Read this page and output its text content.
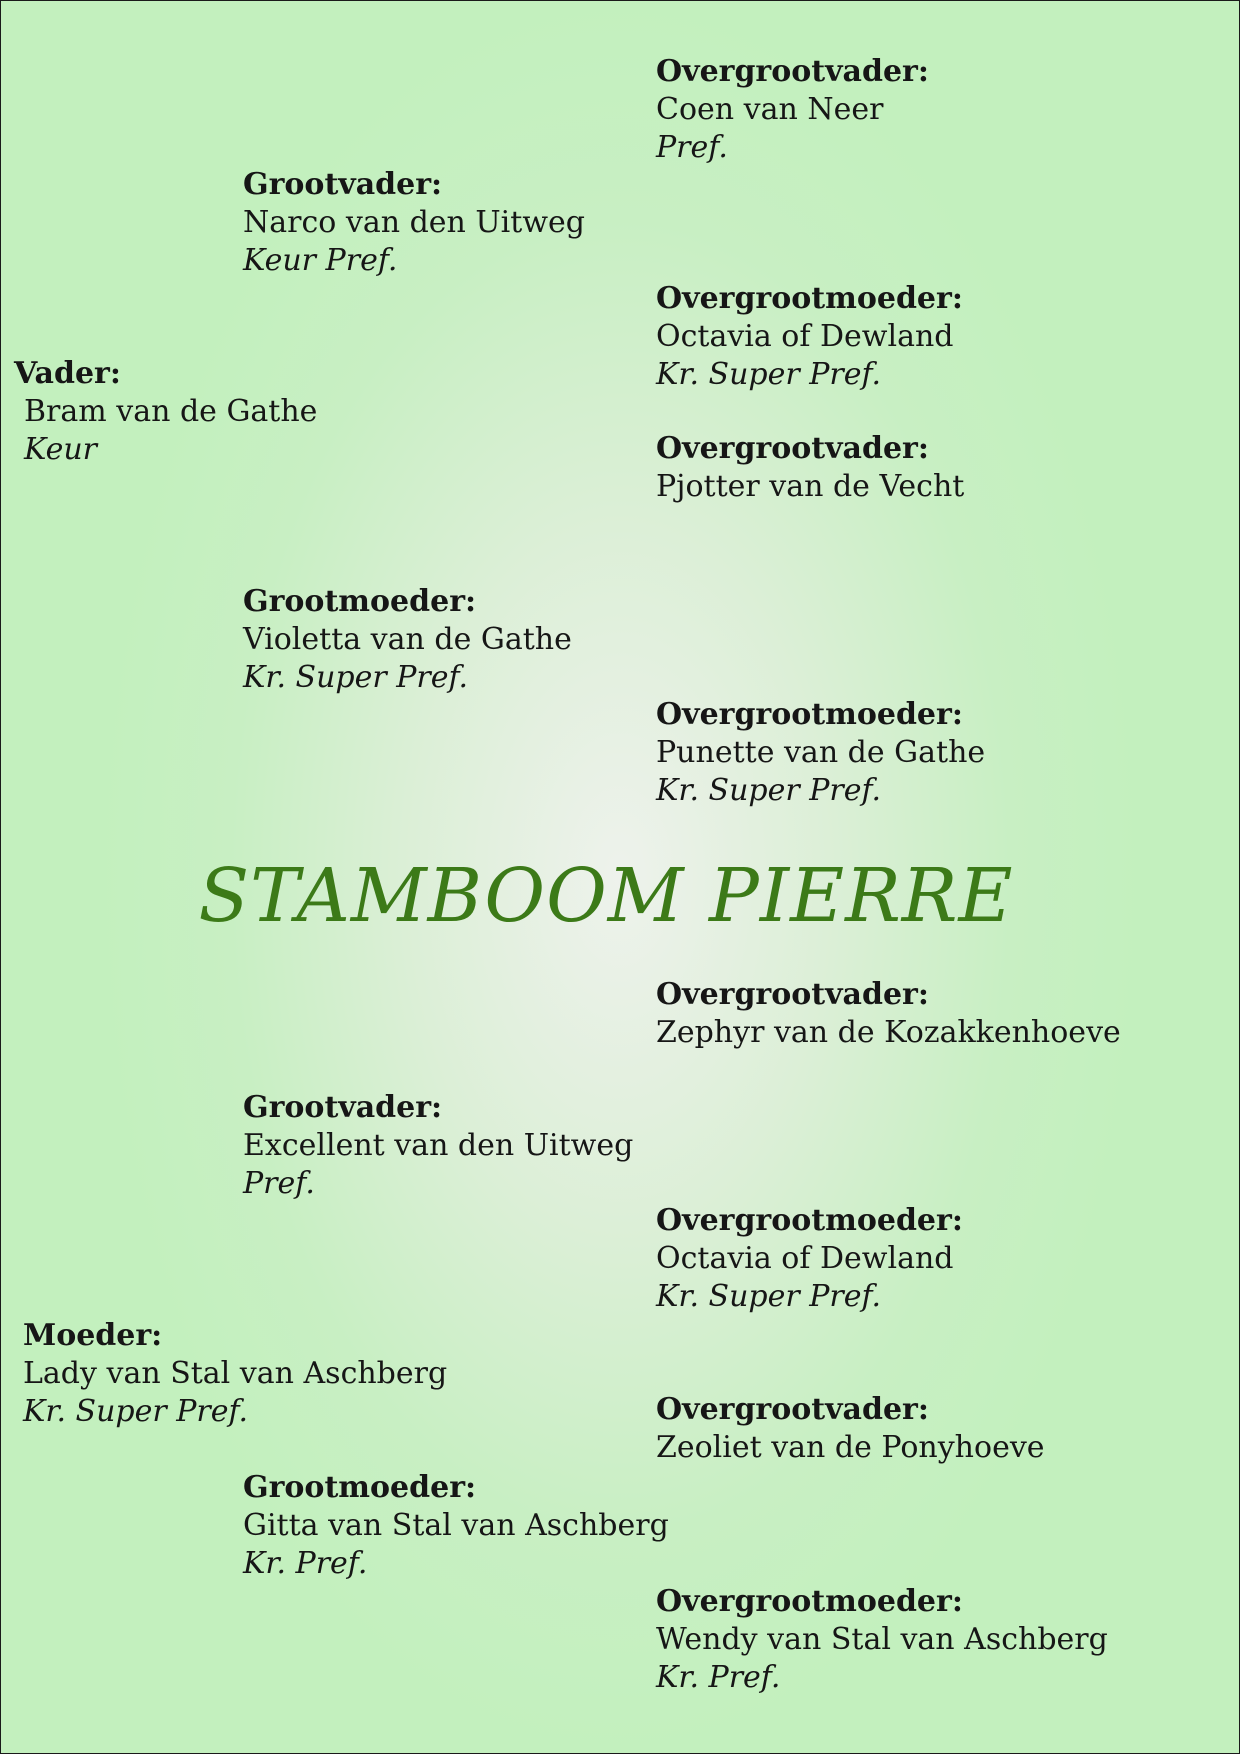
Overgrootvader:
Coen van Neer
Pref.
Grootvader:
Narco van den Uitweg
Keur Pref.
Overgrootmoeder:
Octavia of Dewland
Kr. Super Pref.
Vader:
Bram van de Gathe
Keur	Overgrootvader:
Pjotter van de Vecht
Grootmoeder:
Violetta van de Gathe
Kr. Super Pref.
Overgrootmoeder:
Punette van de Gathe
Kr. Super Pref.
STAMBOOM PIERRE
Overgrootvader:
Zephyr van de Kozakkenhoeve
Grootvader:
Excellent van den Uitweg
Pref.
Overgrootmoeder:
Octavia of Dewland
Kr. Super Pref.
Moeder:
Lady van Stal van Aschberg
Kr. Super Pref.	Overgrootvader:
Zeoliet van de Ponyhoeve
Grootmoeder:
Gitta van Stal van Aschberg
Kr. Pref.
Overgrootmoeder:
Wendy van Stal van Aschberg
Kr. Pref.
